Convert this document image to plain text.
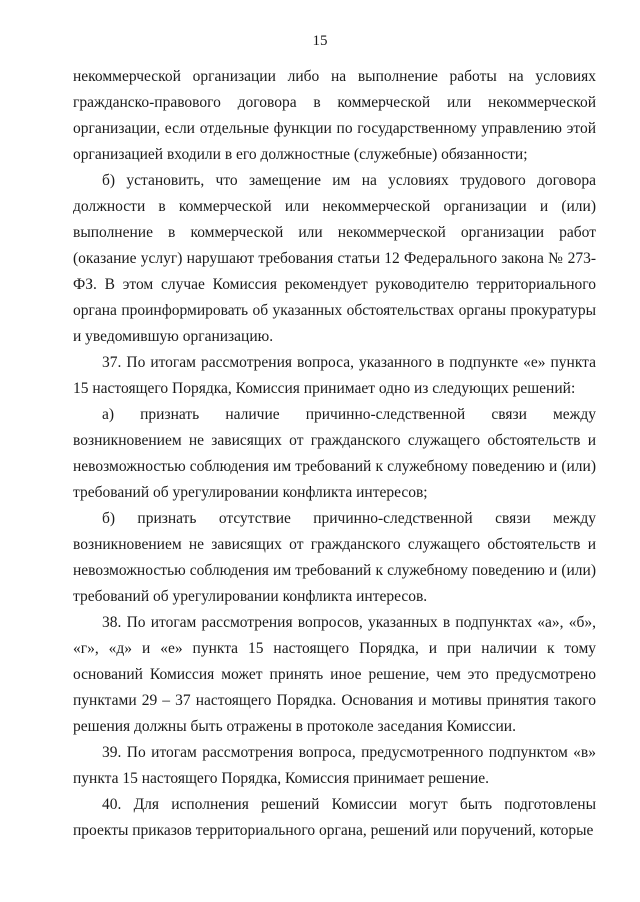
15

некоммерческой организации либо на выполнение работы на условиях гражданско-правового договора в коммерческой или некоммерческой организации, если отдельные функции по государственному управлению этой организацией входили в его должностные (служебные) обязанности;

б) установить, что замещение им на условиях трудового договора должности в коммерческой или некоммерческой организации и (или) выполнение в коммерческой или некоммерческой организации работ (оказание услуг) нарушают требования статьи 12 Федерального закона № 273-ФЗ. В этом случае Комиссия рекомендует руководителю территориального органа проинформировать об указанных обстоятельствах органы прокуратуры и уведомившую организацию.

37. По итогам рассмотрения вопроса, указанного в подпункте «е» пункта 15 настоящего Порядка, Комиссия принимает одно из следующих решений:

а) признать наличие причинно-следственной связи между возникновением не зависящих от гражданского служащего обстоятельств и невозможностью соблюдения им требований к служебному поведению и (или) требований об урегулировании конфликта интересов;

б) признать отсутствие причинно-следственной связи между возникновением не зависящих от гражданского служащего обстоятельств и невозможностью соблюдения им требований к служебному поведению и (или) требований об урегулировании конфликта интересов.

38. По итогам рассмотрения вопросов, указанных в подпунктах «а», «б», «г», «д» и «е» пункта 15 настоящего Порядка, и при наличии к тому оснований Комиссия может принять иное решение, чем это предусмотрено пунктами 29 – 37 настоящего Порядка. Основания и мотивы принятия такого решения должны быть отражены в протоколе заседания Комиссии.

39. По итогам рассмотрения вопроса, предусмотренного подпунктом «в» пункта 15 настоящего Порядка, Комиссия принимает решение.

40. Для исполнения решений Комиссии могут быть подготовлены проекты приказов территориального органа, решений или поручений, которые
